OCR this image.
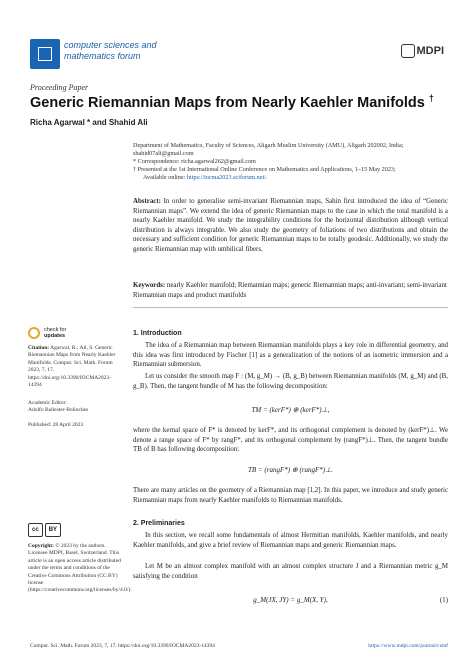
computer sciences and
mathematics forum	MDPI
Proceeding Paper
Generic Riemannian Maps from Nearly Kaehler Manifolds †
Richa Agarwal * and Shahid Ali
Department of Mathematics, Faculty of Sciences, Aligarh Muslim University (AMU), Aligarh 202002, India;
shahid07ali@gmail.com
* Correspondence: richa.agarwal262@gmail.com
† Presented at the 1st International Online Conference on Mathematics and Applications, 1–15 May 2023;
Available online: https://iocma2023.sciforum.net/.
Abstract: In order to generalise semi-invariant Riemannian maps, Sahin first introduced the idea of “Generic Riemannian maps”. We extend the idea of generic Riemannian maps to the case in which the total manifold is a nearly Kaehler manifold. We study the integrability conditions for the horizontal distribution although vertical distribution is always integrable. We also study the geometry of foliations of two distributions and obtain the necessary and sufficient condition for generic Riemannian maps to be totally geodesic. Additionally, we study the generic Riemannian map with umbilical fibers.
Keywords: nearly Kaehler manifold; Riemannian maps; generic Riemannian maps; anti-invariant; semi-invariant Riemannian maps and product manifolds
1. Introduction
The idea of a Riemannian map between Riemannian manifolds plays a key role in differential geometry, and this idea was first introduced by Fischer [1] as a generalization of the notions of an isometric immersion and a Riemannian submersion.
Let us consider the smooth map F : (M, g_M) → (B, g_B) between Riemannian manifolds (M, g_M) and (B, g_B). Then, the tangent bundle of M has the following decomposition:
TM = (kerF*) ⊕ (kerF*)⊥,
where the kernal space of F* is denoted by kerF*, and its orthogonal complement is denoted by (kerF*)⊥. We denote a range space of F* by rangF*, and its orthogonal complement by (rangF*)⊥. Then, the tangent bundle TB of B has following decomposition:
TB = (rangF*) ⊕ (rangF*)⊥.
There are many articles on the geometry of a Riemannian map [1,2]. In this paper, we introduce and study generic Riemannian maps from nearly Kaehler manifolds to Riemannian manifolds.
2. Preliminaries
In this section, we recall some fundamentals of almost Hermitian manifolds, Kaehler manifolds, and nearly Kaehler manifolds, and give a brief review of Riemannian maps and generic Riemannian maps.
Let M be an almost complex manifold with an almost complex structure J and a Riemannian metric g_M satisfying the condition
g_M(JX, JY) = g_M(X, Y),	(1)
check for
updates
Citation: Agarwal, R.; Ali, S. Generic Riemannian Maps from Nearly Kaehler Manifolds. Comput. Sci. Math. Forum 2023, 7, 17. https://doi.org/10.3390/IOCMA2023-14394
Academic Editor:
Adolfo Ballester-Bolinches
Published: 28 April 2023
cc	BY
Copyright: © 2023 by the authors. Licensee MDPI, Basel, Switzerland. This article is an open access article distributed under the terms and conditions of the Creative Commons Attribution (CC BY) license (https://creativecommons.org/licenses/by/4.0/).
Comput. Sci. Math. Forum 2023, 7, 17. https://doi.org/10.3390/IOCMA2023-14394	https://www.mdpi.com/journal/csmf
